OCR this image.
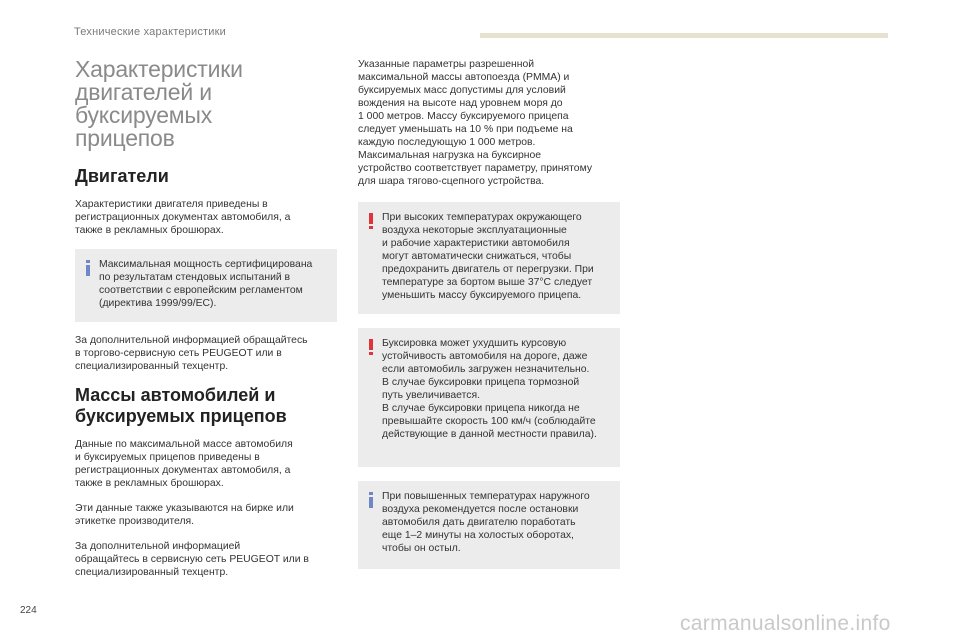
Технические характеристики
Характеристики
двигателей и буксируемых
прицепов
Двигатели

Характеристики двигателя приведены в
регистрационных документах автомобиля, а
также в рекламных брошюрах.

Максимальная мощность сертифицирована
по результатам стендовых испытаний в
соответствии с европейским регламентом
(директива 1999/99/EC).

За дополнительной информацией обращайтесь
в торгово-сервисную сеть PEUGEOT или в
специализированный техцентр.

Массы автомобилей и
буксируемых прицепов

Данные по максимальной массе автомобиля
и буксируемых прицепов приведены в
регистрационных документах автомобиля, а
также в рекламных брошюрах.

Эти данные также указываются на бирке или
этикетке производителя.

За дополнительной информацией
обращайтесь в сервисную сеть PEUGEOT или в
специализированный техцентр.

Указанные параметры разрешенной
максимальной массы автопоезда (PMMA) и
буксируемых масс допустимы для условий
вождения на высоте над уровнем моря до
1 000 метров. Массу буксируемого прицепа
следует уменьшать на 10 % при подъеме на
каждую последующую 1 000 метров.
Максимальная нагрузка на буксирное
устройство соответствует параметру, принятому
для шара тягово-сцепного устройства.

При высоких температурах окружающего
воздуха некоторые эксплуатационные
и рабочие характеристики автомобиля
могут автоматически снижаться, чтобы
предохранить двигатель от перегрузки. При
температуре за бортом выше 37°C следует
уменьшить массу буксируемого прицепа.

Буксировка может ухудшить курсовую
устойчивость автомобиля на дороге, даже
если автомобиль загружен незначительно.
В случае буксировки прицепа тормозной
путь увеличивается.
В случае буксировки прицепа никогда не
превышайте скорость 100 км/ч (соблюдайте
действующие в данной местности правила).

При повышенных температурах наружного
воздуха рекомендуется после остановки
автомобиля дать двигателю поработать
еще 1–2 минуты на холостых оборотах,
чтобы он остыл.

224
carmanualsonline.info
